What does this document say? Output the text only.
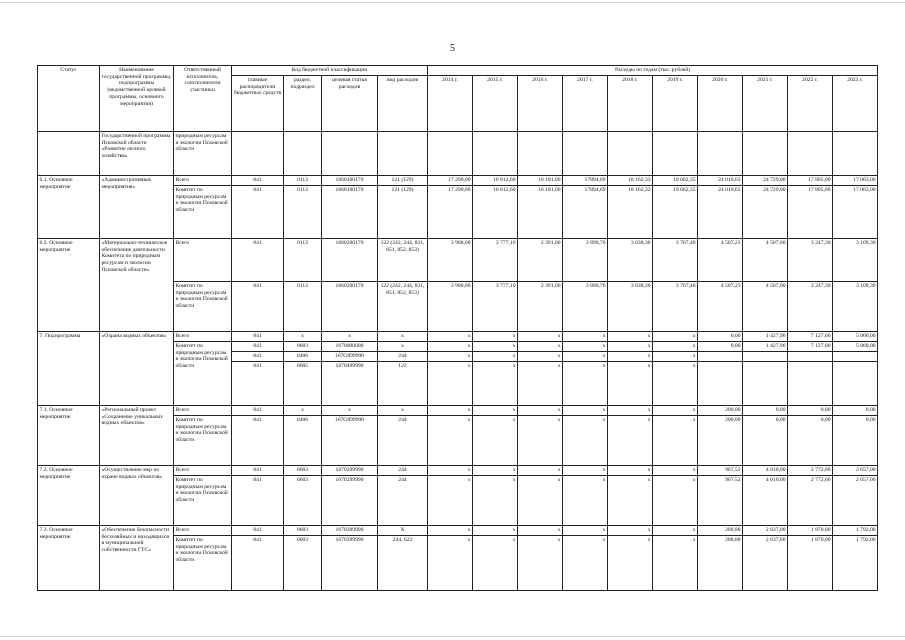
5
Статус	Наименование государственной программы, подпрограммы (ведомственной целевой программы, основного мероприятия)	Ответственный исполнитель, соисполнители участники	Код бюджетной классификации				Расходы по годам (тыс. рублей)									
			главные распорядители бюджетных средств	раздел, подраздел	целевая статья расходов	вид расходов	2014 г.	2015 г.	2016 г.	2017 г.	2018 г.	2019 г.	2020 г.	2021 г.	2022 г.	2023 г.
	Государственной программы Псковской области «Развитие лесного хозяйства»	природным ресурсам и экологии Псковской области														
6.1. Основное мероприятие	«Административные мероприятия»	Всего	841	0113	1660100170	121 (129)	17 290,00	16 812,60	16 181,00	17894,69	18 162,33	19 662,35	24 010,63	24 729,00	17 805,00	17 063,00
		Комитет по природным ресурсам и экологии Псковской области	841	0113	1660100170	121 (129)	17 290,00	16 812,60	16 181,00	17894,69	18 162,33	19 662,35	24 010,63	24 729,00	17 805,00	17 063,00
6.2. Основное мероприятие	«Материально-техническое обеспечение деятельности Комитета по природным ресурсам и экологии Псковской области»	Всего	841	0113	1660200170	122 (242, 244, 831, 851, 852, 853)	3 908,00	3 777,10	2 391,00	3 890,76	3 038,30	3 767,40	4 507,23	4 507,00	3 247,30	3 109,30
		Комитет по природным ресурсам и экологии Псковской области	841	0113	1660200170	122 (242, 244, 831, 851, 852, 853)	3 908,00	3 777,10	2 391,00	3 890,76	3 038,30	3 767,40	4 507,23	4 507,00	3 247,30	3 109,30
7. Подпрограмма	«Охрана водных объектов»	Всего	841	x	x	x	x	x	x	x	x	x	0,00	1 427,96	7 127,00	5 060,00
		Комитет по природным ресурсам и экологии Псковской области	841	0603	1670000000	x	x	x	x	x	x	x	0,00	1 427,96	7 127,00	5 060,00
			841	0406	167G899990	244	x	x	x	x	x	x				
			841	0605	1670499990	122	x	x	x	x	x	x				
7.1. Основное мероприятие	«Региональный проект «Сохранение уникальных водных объектов»	Всего	841	x	x	x	x	x	x	x	x	x	200,00	0,00	0,00	0,00
		Комитет по природным ресурсам и экологии Псковской области	841	0406	167G899990	244	x	x	x	x	x	x	200,00	0,00	0,00	0,00
7.2. Основное мероприятие	«Осуществление мер по охране водных объектов»	Всего	841	0603	1670299990	244	x	x	x	x	x	x	967,52	4 010,00	2 772,00	2 657,00
		Комитет по природным ресурсам и экологии Псковской области	841	0603	1670299990	244	x	x	x	x	x	x	967,52	4 010,00	2 772,00	2 657,00
7.3. Основное мероприятие	«Обеспечение безопасности бесхозяйных и находящихся в муниципальной собственности ГТС»	Всего	841	0603	1670399990	X	x	x	x	x	x	x	208,88	2 637,00	1 870,00	1 792,00
		Комитет по природным ресурсам и экологии Псковской области	841	0603	1670399990	244, 622	x	x	x	x	x	x	208,88	2 637,00	1 870,00	1 792,00
